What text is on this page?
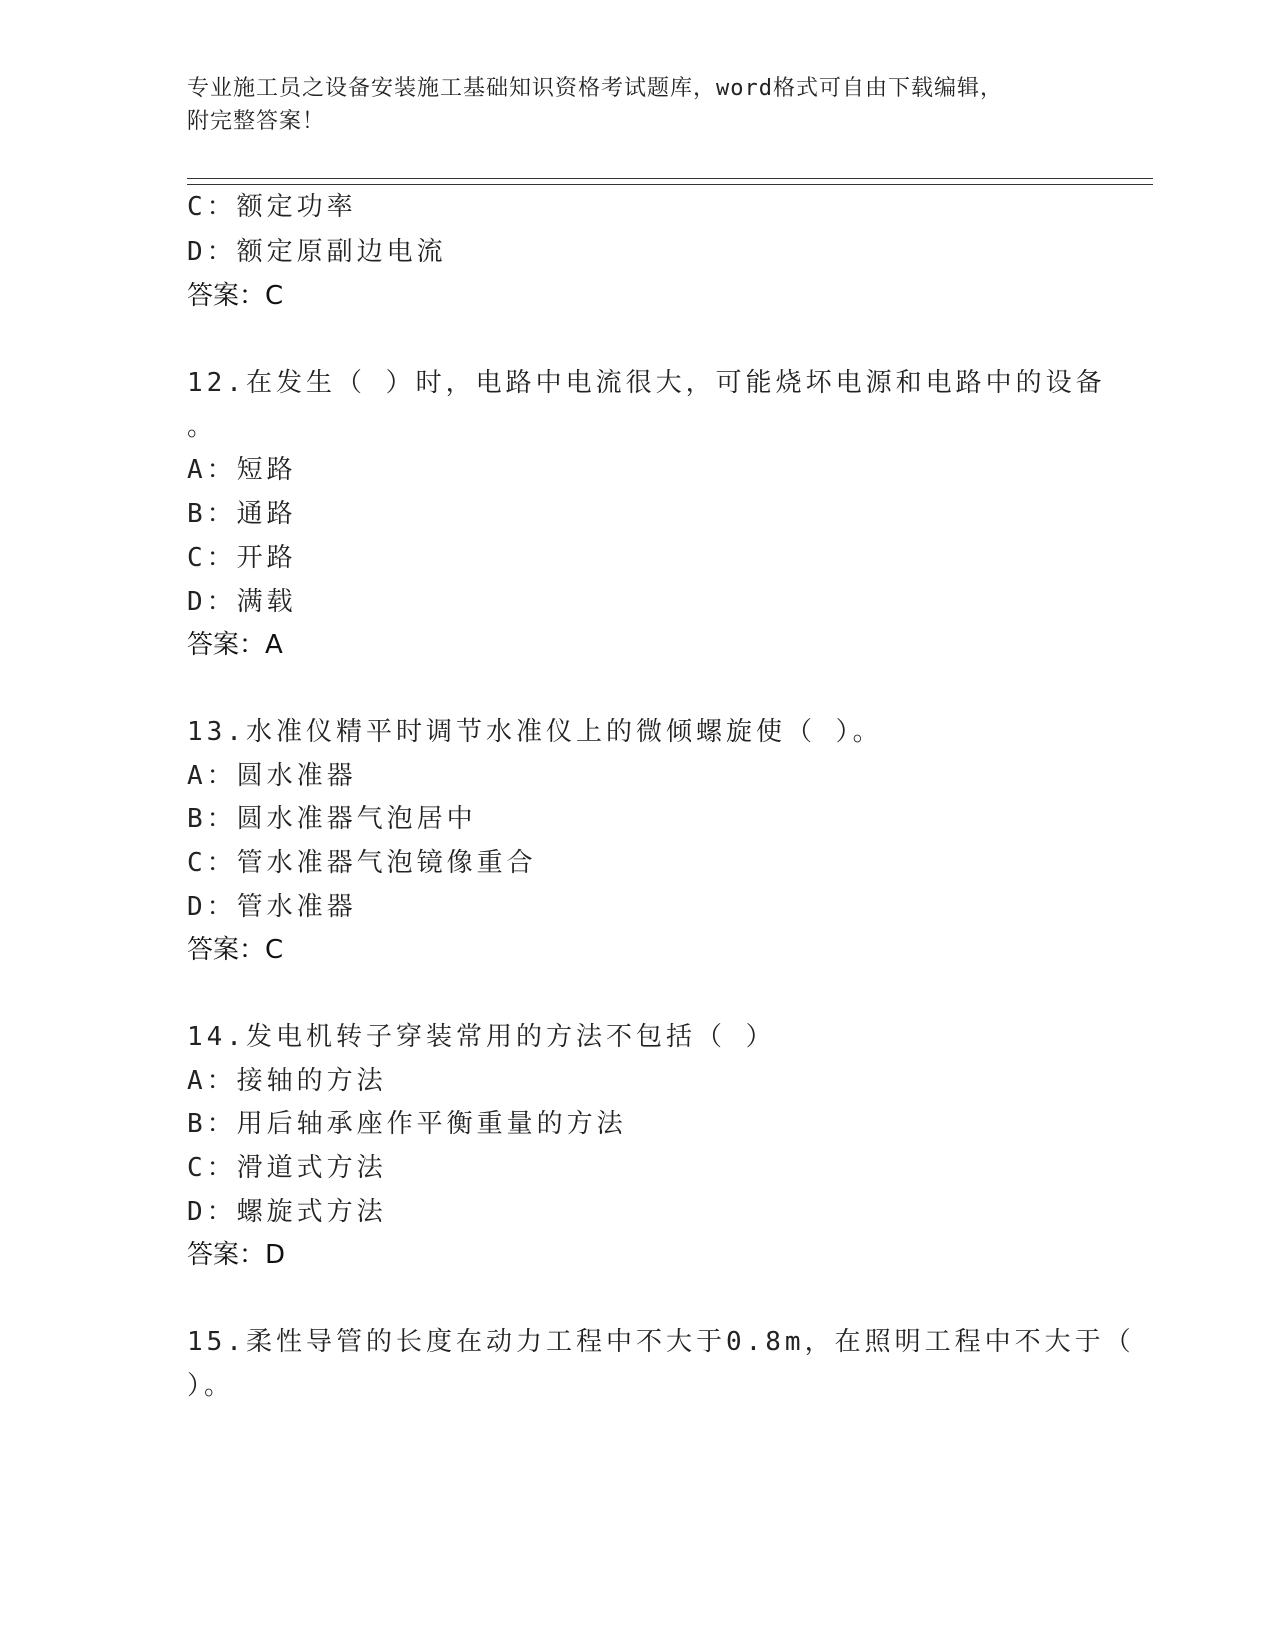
专业施工员之设备安装施工基础知识资格考试题库，word格式可自由下载编辑，
附完整答案！
C：额定功率
D：额定原副边电流
答案：C
12.在发生（ ）时，电路中电流很大，可能烧坏电源和电路中的设备
。
A：短路
B：通路
C：开路
D：满载
答案：A
13.水准仪精平时调节水准仪上的微倾螺旋使（ ）。
A：圆水准器
B：圆水准器气泡居中
C：管水准器气泡镜像重合
D：管水准器
答案：C
14.发电机转子穿装常用的方法不包括（ ）
A：接轴的方法
B：用后轴承座作平衡重量的方法
C：滑道式方法
D：螺旋式方法
答案：D
15.柔性导管的长度在动力工程中不大于0.8m，在照明工程中不大于（
）。
